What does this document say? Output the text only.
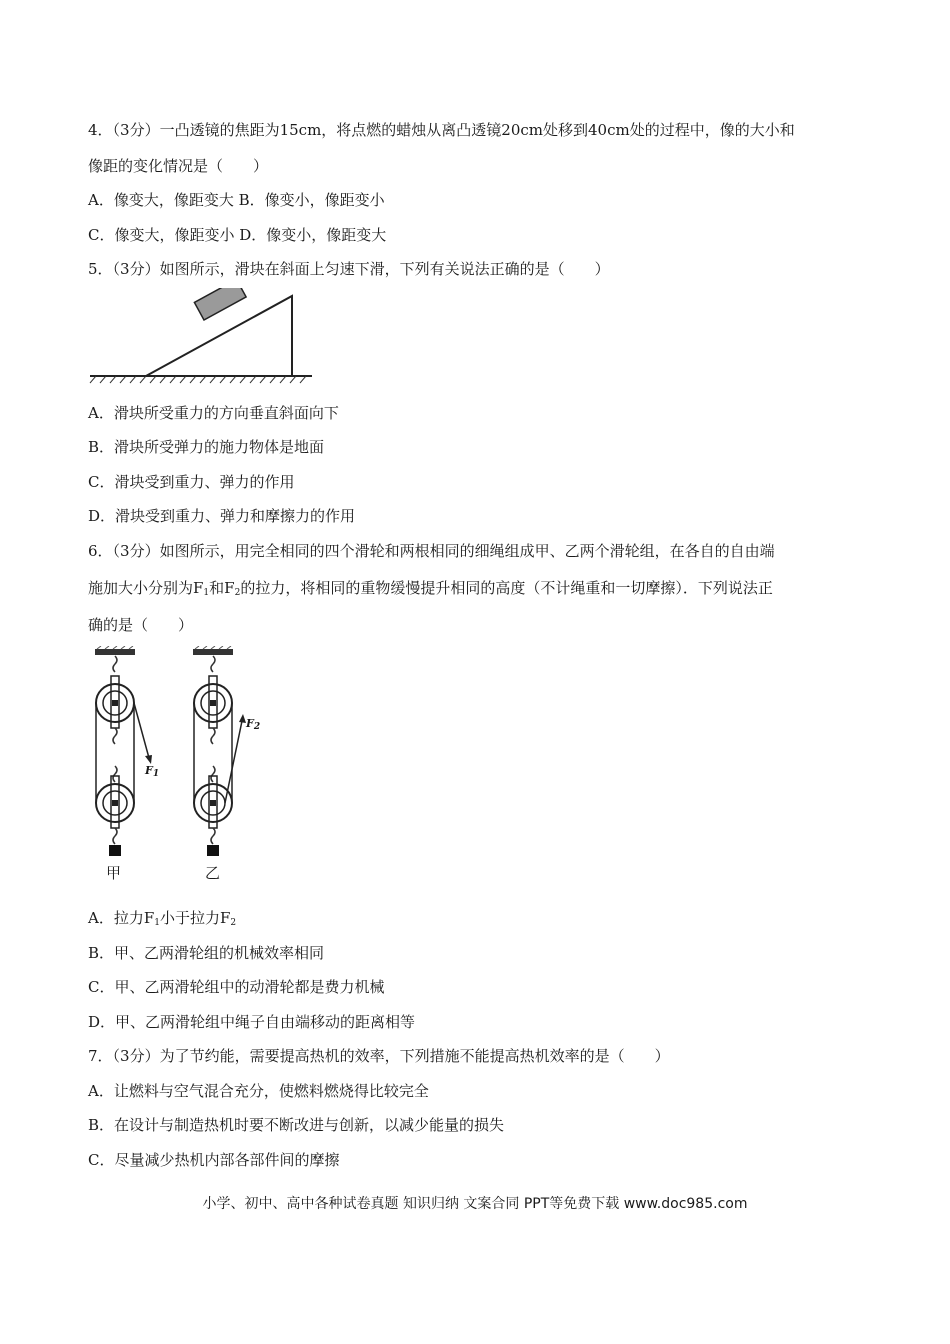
4．（3分）一凸透镜的焦距为15cm，将点燃的蜡烛从离凸透镜20cm处移到40cm处的过程中，像的大小和
像距的变化情况是（　　）
A．像变大，像距变大 B．像变小，像距变小
C．像变大，像距变小 D．像变小，像距变大
5．（3分）如图所示，滑块在斜面上匀速下滑，下列有关说法正确的是（　　）
A．滑块所受重力的方向垂直斜面向下
B．滑块所受弹力的施力物体是地面
C．滑块受到重力、弹力的作用
D．滑块受到重力、弹力和摩擦力的作用
6．（3分）如图所示，用完全相同的四个滑轮和两根相同的细绳组成甲、乙两个滑轮组，在各自的自由端
施加大小分别为$F_1$和$F_2$的拉力，将相同的重物缓慢提升相同的高度（不计绳重和一切摩擦）．下列说法正
确的是（　　）
$F_1$
$F_2$
甲	乙
A．拉力$F_1$小于拉力$F_2$
B．甲、乙两滑轮组的机械效率相同
C．甲、乙两滑轮组中的动滑轮都是费力机械
D．甲、乙两滑轮组中绳子自由端移动的距离相等
7．（3分）为了节约能，需要提高热机的效率，下列措施不能提高热机效率的是（　　）
A．让燃料与空气混合充分，使燃料燃烧得比较完全
B．在设计与制造热机时要不断改进与创新，以减少能量的损失
C．尽量减少热机内部各部件间的摩擦
小学、初中、高中各种试卷真题 知识归纳 文案合同 PPT等免费下载 www.doc985.com
